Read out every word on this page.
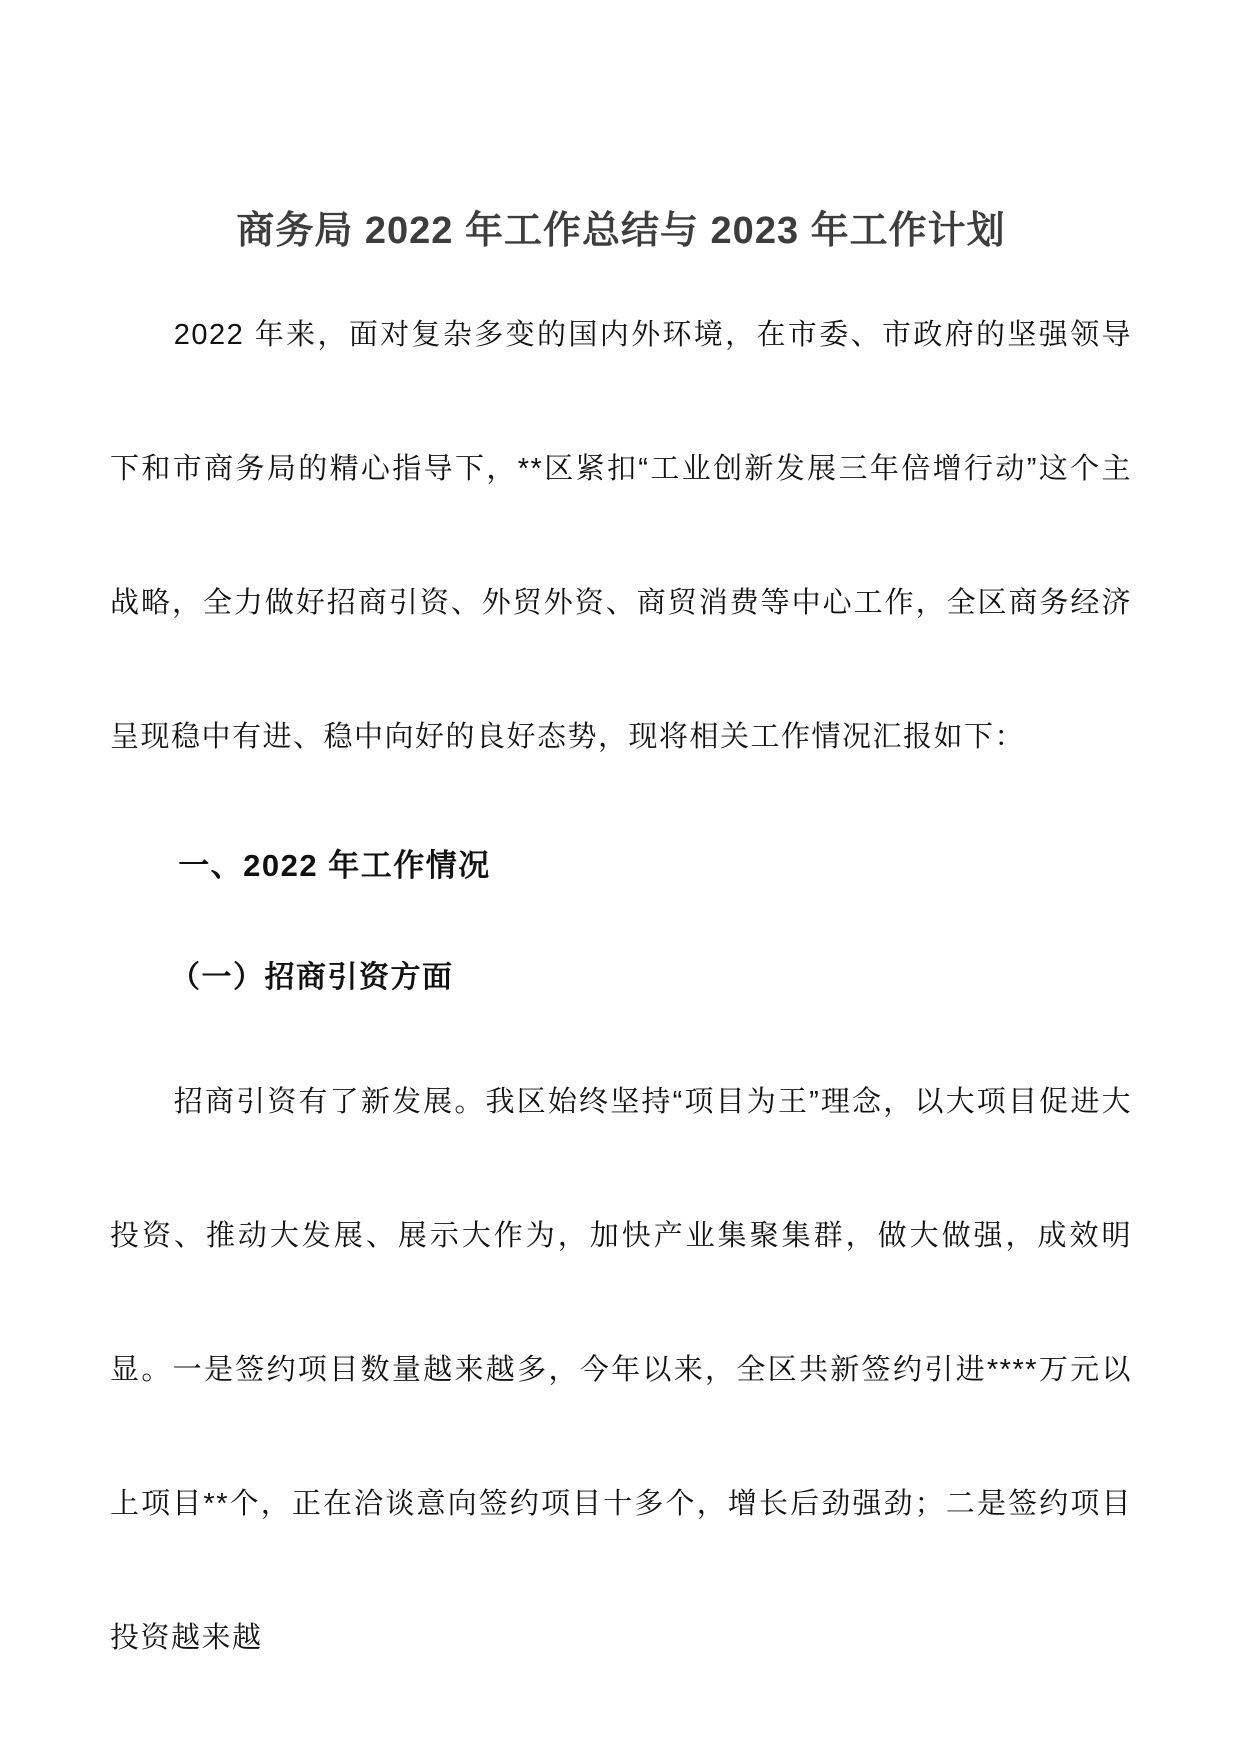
商务局 2022 年工作总结与 2023 年工作计划

2022 年来，面对复杂多变的国内外环境，在市委、市政府的坚强领导下和市商务局的精心指导下，**区紧扣“工业创新发展三年倍增行动”这个主战略，全力做好招商引资、外贸外资、商贸消费等中心工作，全区商务经济呈现稳中有进、稳中向好的良好态势，现将相关工作情况汇报如下：

一、2022 年工作情况
（一）招商引资方面

招商引资有了新发展。我区始终坚持“项目为王”理念，以大项目促进大投资、推动大发展、展示大作为，加快产业集聚集群，做大做强，成效明显。一是签约项目数量越来越多，今年以来，全区共新签约引进****万元以上项目**个，正在洽谈意向签约项目十多个，增长后劲强劲；二是签约项目投资越来越
